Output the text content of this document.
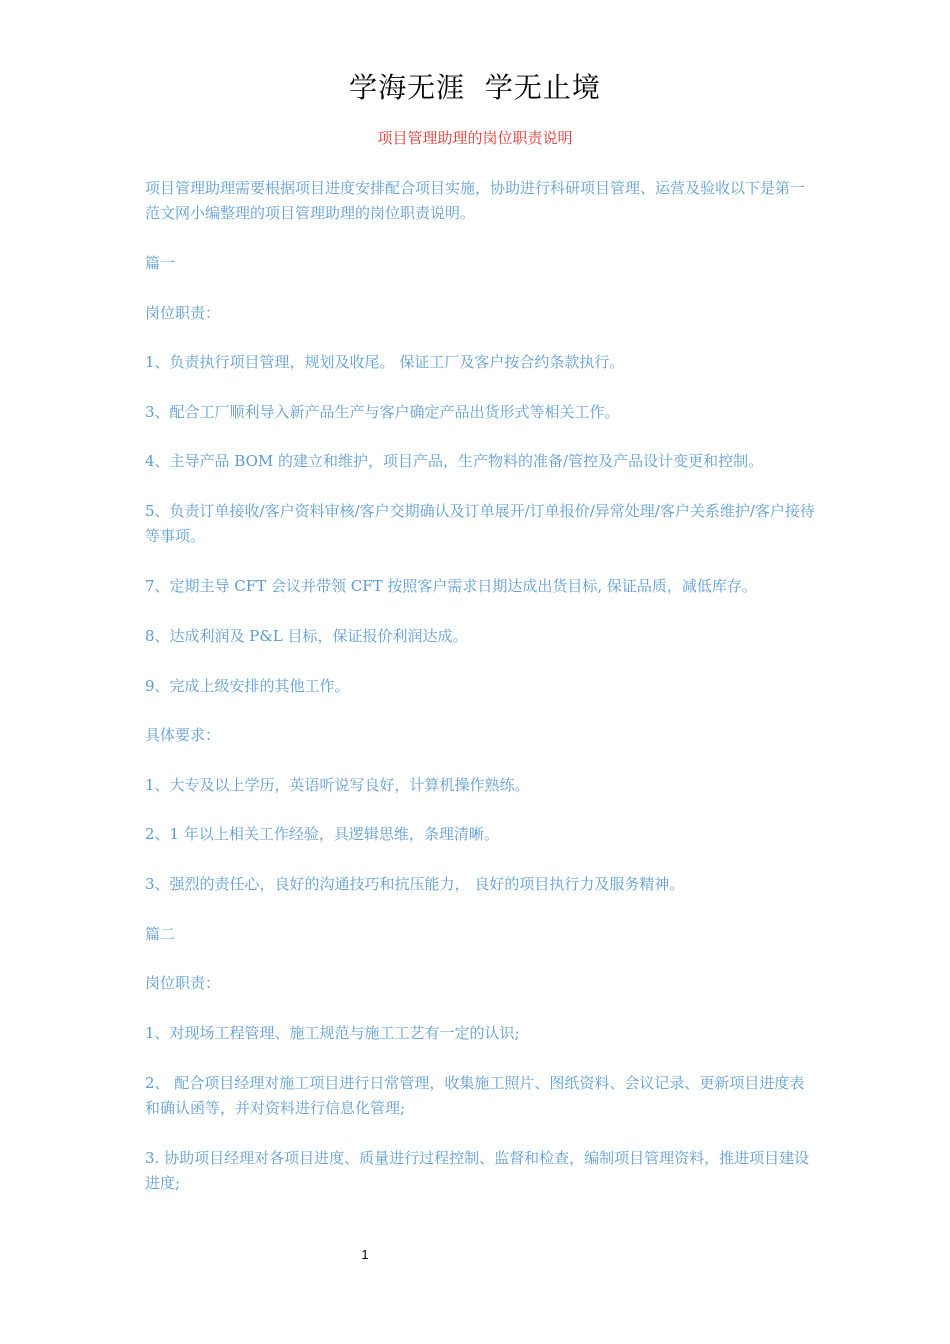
学海无涯  学无止境
项目管理助理的岗位职责说明

项目管理助理需要根据项目进度安排配合项目实施，协助进行科研项目管理、运营及验收以下是第一范文网小编整理的项目管理助理的岗位职责说明。

篇一

岗位职责：

1、负责执行项目管理，规划及收尾。 保证工厂及客户按合约条款执行。

3、配合工厂顺利导入新产品生产与客户确定产品出货形式等相关工作。

4、主导产品 BOM 的建立和维护，项目产品，生产物料的准备/管控及产品设计变更和控制。

5、负责订单接收/客户资料审核/客户交期确认及订单展开/订单报价/异常处理/客户关系维护/客户接待等事项。

7、定期主导 CFT 会议并带领 CFT 按照客户需求日期达成出货目标, 保证品质，减低库存。

8、达成利润及 P&L 目标，保证报价利润达成。

9、完成上级安排的其他工作。

具体要求：

1、大专及以上学历，英语听说写良好，计算机操作熟练。

2、1 年以上相关工作经验，具逻辑思维，条理清晰。

3、强烈的责任心，良好的沟通技巧和抗压能力， 良好的项目执行力及服务精神。

篇二

岗位职责：

1、对现场工程管理、施工规范与施工工艺有一定的认识;

2、 配合项目经理对施工项目进行日常管理，收集施工照片、图纸资料、会议记录、更新项目进度表和确认函等，并对资料进行信息化管理;

3. 协助项目经理对各项目进度、质量进行过程控制、监督和检查，编制项目管理资料，推进项目建设进度;

1
